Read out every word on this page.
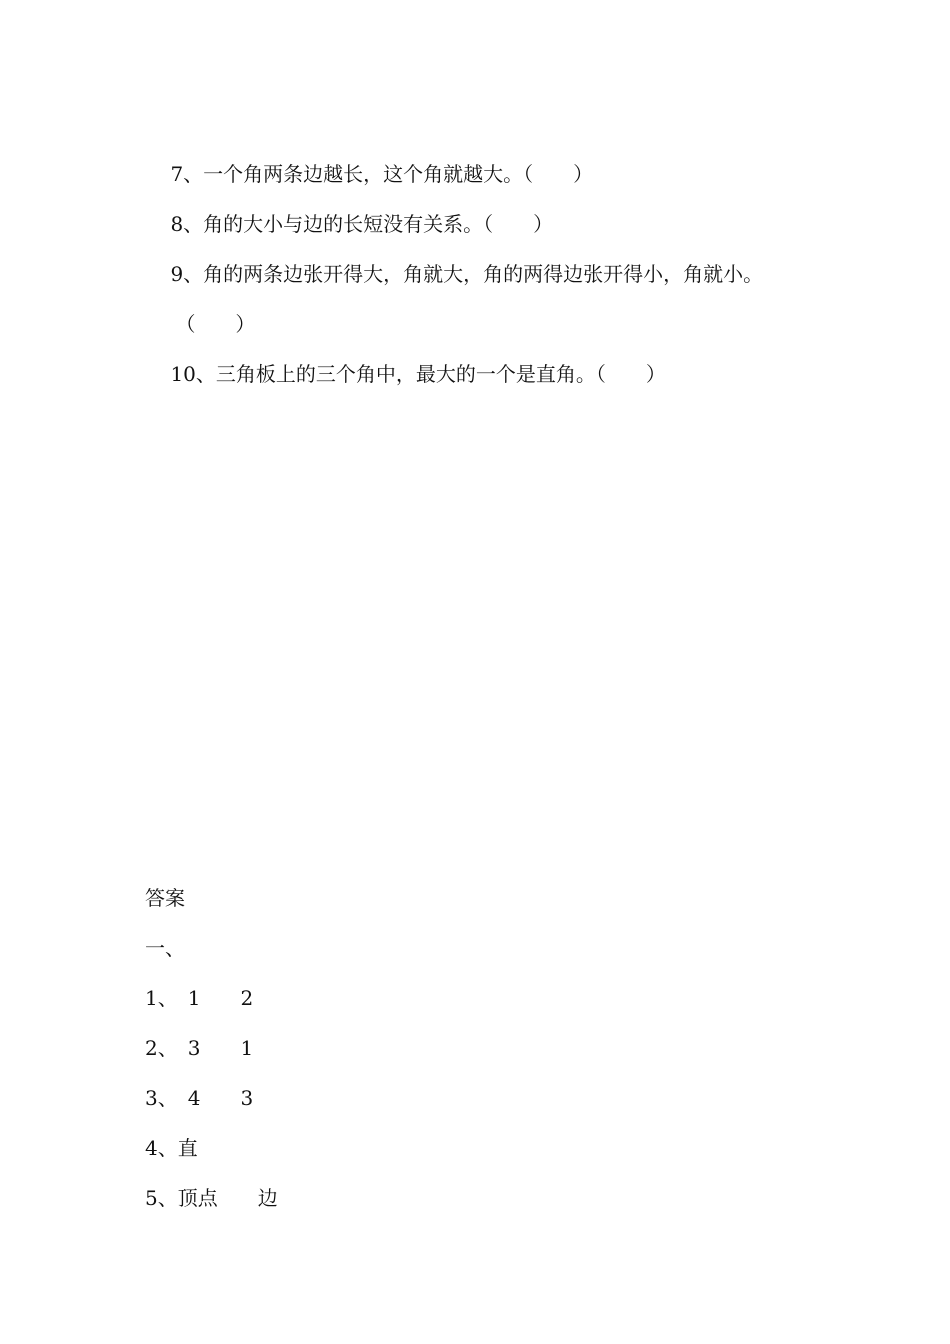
7、一个角两条边越长，这个角就越大。（　　）

8、角的大小与边的长短没有关系。（　　）

9、角的两条边张开得大，角就大，角的两得边张开得小，角就小。

（　　）

10、三角板上的三个角中，最大的一个是直角。（　　）

答案

一、

1、　1　　2

2、　3　　1

3、　4　　3

4、直

5、顶点　　边
